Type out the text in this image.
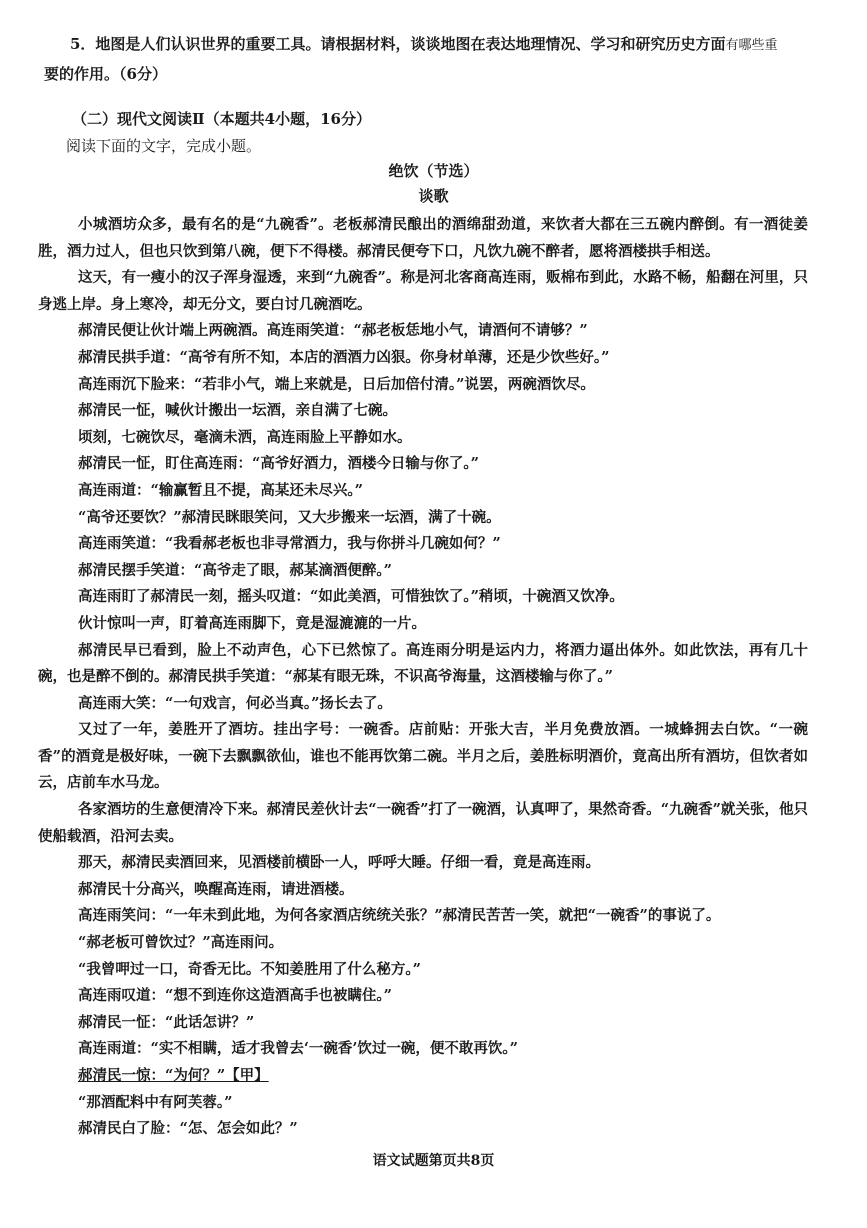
5．地图是人们认识世界的重要工具。请根据材料，谈谈地图在表达地理情况、学习和研究历史方面有哪些重
要的作用。（6分）
（二）现代文阅读Ⅱ（本题共4小题，16分）
阅读下面的文字，完成小题。
绝饮（节选）
谈歌

小城酒坊众多，最有名的是“九碗香”。老板郝清民酿出的酒绵甜劲道，来饮者大都在三五碗内醉倒。有一酒徒姜胜，酒力过人，但也只饮到第八碗，便下不得楼。郝清民便夸下口，凡饮九碗不醉者，愿将酒楼拱手相送。

这天，有一瘦小的汉子浑身湿透，来到“九碗香”。称是河北客商高连雨，贩棉布到此，水路不畅，船翻在河里，只身逃上岸。身上寒冷，却无分文，要白讨几碗酒吃。

郝清民便让伙计端上两碗酒。高连雨笑道：“郝老板恁地小气，请酒何不请够？”

郝清民拱手道：“高爷有所不知，本店的酒酒力凶狠。你身材单薄，还是少饮些好。”

高连雨沉下脸来：“若非小气，端上来就是，日后加倍付清。”说罢，两碗酒饮尽。

郝清民一怔，喊伙计搬出一坛酒，亲自满了七碗。

顷刻，七碗饮尽，毫滴未洒，高连雨脸上平静如水。

郝清民一怔，盯住高连雨：“高爷好酒力，酒楼今日输与你了。”

高连雨道：“输赢暂且不提，高某还未尽兴。”

“高爷还要饮？”郝清民眯眼笑问，又大步搬来一坛酒，满了十碗。

高连雨笑道：“我看郝老板也非寻常酒力，我与你拼斗几碗如何？”

郝清民摆手笑道：“高爷走了眼，郝某滴酒便醉。”

高连雨盯了郝清民一刻，摇头叹道：“如此美酒，可惜独饮了。”稍顷，十碗酒又饮净。

伙计惊叫一声，盯着高连雨脚下，竟是湿漉漉的一片。

郝清民早已看到，脸上不动声色，心下已然惊了。高连雨分明是运内力，将酒力逼出体外。如此饮法，再有几十碗，也是醉不倒的。郝清民拱手笑道：“郝某有眼无珠，不识高爷海量，这酒楼输与你了。”

高连雨大笑：“一句戏言，何必当真。”扬长去了。

又过了一年，姜胜开了酒坊。挂出字号：一碗香。店前贴：开张大吉，半月免费放酒。一城蜂拥去白饮。“一碗香”的酒竟是极好味，一碗下去飘飘欲仙，谁也不能再饮第二碗。半月之后，姜胜标明酒价，竟高出所有酒坊，但饮者如云，店前车水马龙。

各家酒坊的生意便清冷下来。郝清民差伙计去“一碗香”打了一碗酒，认真呷了，果然奇香。“九碗香”就关张，他只使船载酒，沿河去卖。

那天，郝清民卖酒回来，见酒楼前横卧一人，呼呼大睡。仔细一看，竟是高连雨。

郝清民十分高兴，唤醒高连雨，请进酒楼。

高连雨笑问：“一年未到此地，为何各家酒店统统关张？”郝清民苦苦一笑，就把“一碗香”的事说了。

“郝老板可曾饮过？”高连雨问。

“我曾呷过一口，奇香无比。不知姜胜用了什么秘方。”

高连雨叹道：“想不到连你这造酒高手也被瞒住。”

郝清民一怔：“此话怎讲？”

高连雨道：“实不相瞒，适才我曾去‘一碗香’饮过一碗，便不敢再饮。”

郝清民一惊：“为何？”【甲】

“那酒配料中有阿芙蓉。”

郝清民白了脸：“怎、怎会如此？”

语文试题第页共8页
